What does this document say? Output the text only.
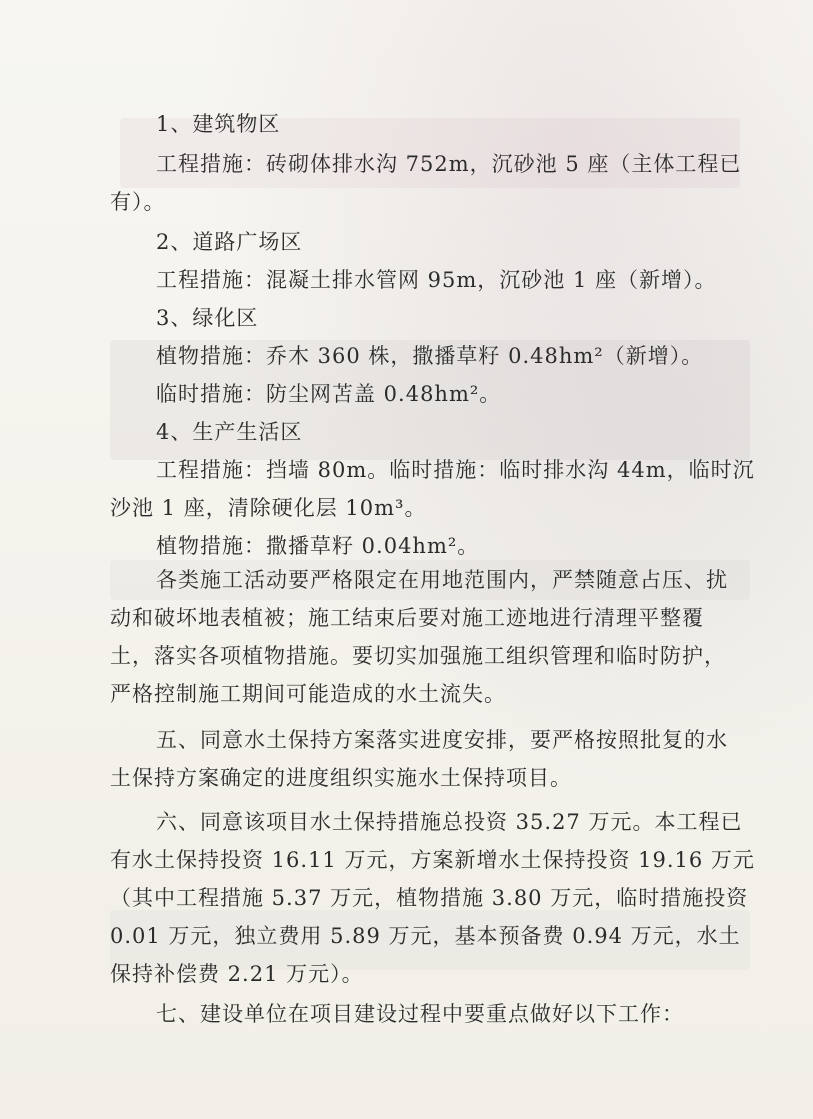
1、建筑物区
工程措施：砖砌体排水沟 752m，沉砂池 5 座（主体工程已
有）。
2、道路广场区
工程措施：混凝土排水管网 95m，沉砂池 1 座（新增）。
3、绿化区
植物措施：乔木 360 株，撒播草籽 0.48hm²（新增）。
临时措施：防尘网苫盖 0.48hm²。
4、生产生活区
工程措施：挡墙 80m。临时措施：临时排水沟 44m，临时沉
沙池 1 座，清除硬化层 10m³。
植物措施：撒播草籽 0.04hm²。
各类施工活动要严格限定在用地范围内，严禁随意占压、扰
动和破坏地表植被；施工结束后要对施工迹地进行清理平整覆
土，落实各项植物措施。要切实加强施工组织管理和临时防护，
严格控制施工期间可能造成的水土流失。
五、同意水土保持方案落实进度安排，要严格按照批复的水
土保持方案确定的进度组织实施水土保持项目。
六、同意该项目水土保持措施总投资 35.27 万元。本工程已
有水土保持投资 16.11 万元，方案新增水土保持投资 19.16 万元
（其中工程措施 5.37 万元，植物措施 3.80 万元，临时措施投资
0.01 万元，独立费用 5.89 万元，基本预备费 0.94 万元，水土
保持补偿费 2.21 万元）。
七、建设单位在项目建设过程中要重点做好以下工作：
